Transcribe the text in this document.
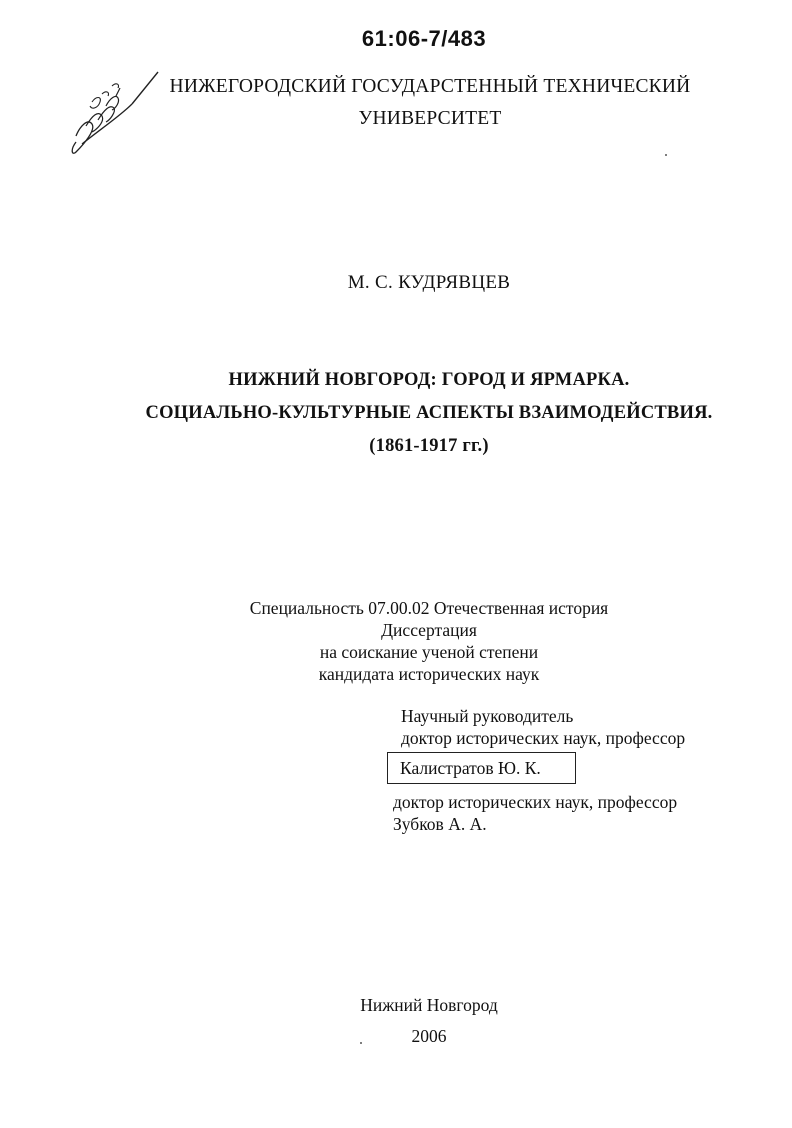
61:06-7/483
НИЖЕГОРОДСКИЙ ГОСУДАРСТЕННЫЙ ТЕХНИЧЕСКИЙ
УНИВЕРСИТЕТ
М. С. КУДРЯВЦЕВ
НИЖНИЙ НОВГОРОД: ГОРОД И ЯРМАРКА.
СОЦИАЛЬНО-КУЛЬТУРНЫЕ АСПЕКТЫ ВЗАИМОДЕЙСТВИЯ.
(1861-1917 гг.)
Специальность 07.00.02 Отечественная история
Диссертация
на соискание ученой степени
кандидата исторических наук
Научный руководитель
доктор исторических наук, профессор
Калистратов Ю. К.
доктор исторических наук, профессор
Зубков А. А.
Нижний Новгород
2006
